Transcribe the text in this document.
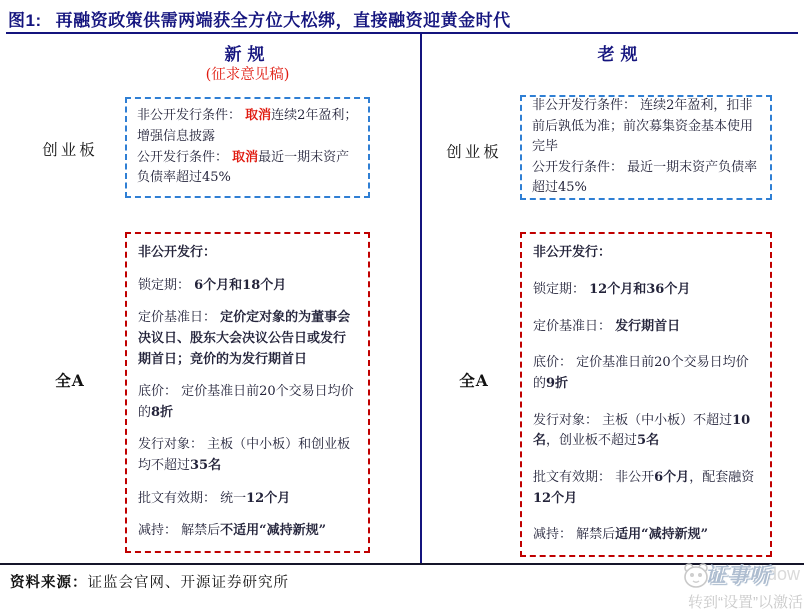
图1: 再融资政策供需两端获全方位大松绑，直接融资迎黄金时代
新规
(征求意见稿)
老规
创业板
全A
创业板
全A
非公开发行条件： 取消连续2年盈利；增强信息披露
公开发行条件： 取消最近一期末资产负债率超过45%
非公开发行条件： 连续2年盈利，扣非前后孰低为准；前次募集资金基本使用完毕
公开发行条件： 最近一期末资产负债率超过45%
非公开发行：
锁定期： 6个月和18个月
定价基准日： 定价定对象的为董事会决议日、股东大会决议公告日或发行期首日；竞价的为发行期首日
底价： 定价基准日前20个交易日均价的8折
发行对象： 主板（中小板）和创业板均不超过35名
批文有效期： 统一12个月
减持： 解禁后不适用“减持新规”
非公开发行：
锁定期： 12个月和36个月
定价基准日： 发行期首日
底价： 定价基准日前20个交易日均价的9折
发行对象： 主板（中小板）不超过10名，创业板不超过5名
批文有效期： 非公开6个月，配套融资12个月
减持： 解禁后适用“减持新规”
资料来源：证监会官网、开源证券研究所	dow
证事听
转到“设置”以激活
